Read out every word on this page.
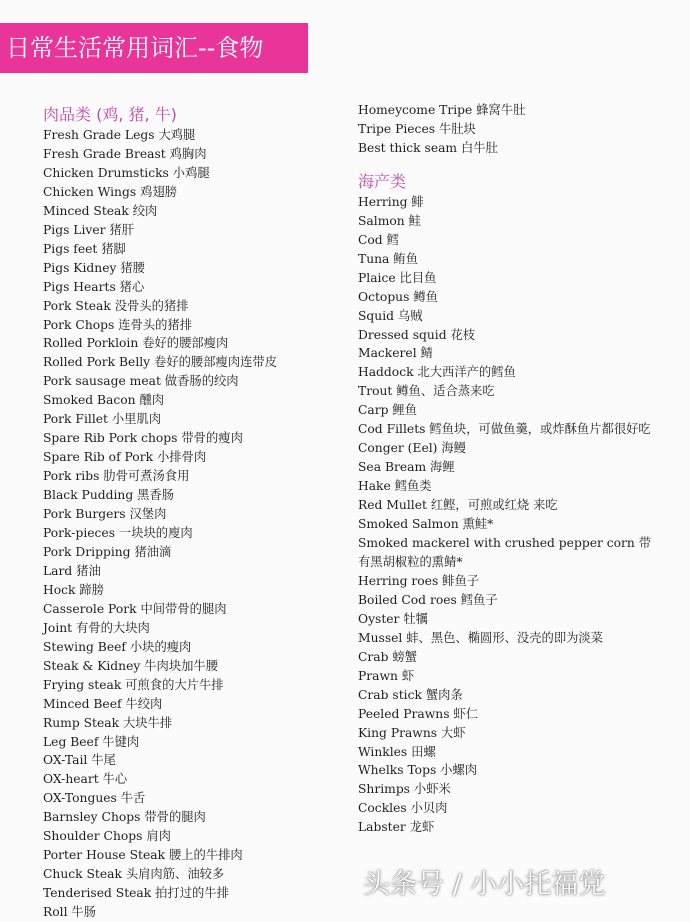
日常生活常用词汇--食物
肉品类 (鸡, 猪, 牛)
Fresh Grade Legs 大鸡腿
Fresh Grade Breast 鸡胸肉
Chicken Drumsticks 小鸡腿
Chicken Wings 鸡翅膀
Minced Steak 绞肉
Pigs Liver 猪肝
Pigs feet 猪脚
Pigs Kidney 猪腰
Pigs Hearts 猪心
Pork Steak 没骨头的猪排
Pork Chops 连骨头的猪排
Rolled Porkloin 卷好的腰部瘦肉
Rolled Pork Belly 卷好的腰部瘦肉连带皮
Pork sausage meat 做香肠的绞肉
Smoked Bacon 醺肉
Pork Fillet 小里肌肉
Spare Rib Pork chops 带骨的瘦肉
Spare Rib of Pork 小排骨肉
Pork ribs 肋骨可煮汤食用
Black Pudding 黑香肠
Pork Burgers 汉堡肉
Pork-pieces 一块块的廋肉
Pork Dripping 猪油滴
Lard 猪油
Hock 蹄膀
Casserole Pork 中间带骨的腿肉
Joint 有骨的大块肉
Stewing Beef 小块的瘦肉
Steak & Kidney 牛肉块加牛腰
Frying steak 可煎食的大片牛排
Minced Beef 牛绞肉
Rump Steak 大块牛排
Leg Beef 牛键肉
OX-Tail 牛尾
OX-heart 牛心
OX-Tongues 牛舌
Barnsley Chops 带骨的腿肉
Shoulder Chops 肩肉
Porter House Steak 腰上的牛排肉
Chuck Steak 头肩肉筋、油较多
Tenderised Steak 拍打过的牛排
Roll 牛肠
Homeycome Tripe 蜂窝牛肚
Tripe Pieces 牛肚块
Best thick seam 白牛肚
海产类
Herring 鲱
Salmon 鲑
Cod 鳕
Tuna 鲔鱼
Plaice 比目鱼
Octopus 鳟鱼
Squid 乌贼
Dressed squid 花枝
Mackerel 鲭
Haddock 北大西洋产的鳕鱼
Trout 鳟鱼、适合蒸来吃
Carp 鲤鱼
Cod Fillets 鳕鱼块，可做鱼羹，或炸酥鱼片都很好吃
Conger (Eel) 海鳗
Sea Bream 海鲤
Hake 鳕鱼类
Red Mullet 红鲣，可煎或红烧 来吃
Smoked Salmon 熏鲑*
Smoked mackerel with crushed pepper corn 带有黑胡椒粒的熏鲭*
Herring roes 鲱鱼子
Boiled Cod roes 鳕鱼子
Oyster 牡犡
Mussel 蚌、黑色、椭圆形、没壳的即为淡菜
Crab 螃蟹
Prawn 虾
Crab stick 蟹肉条
Peeled Prawns 虾仁
King Prawns 大虾
Winkles 田螺
Whelks Tops 小螺肉
Shrimps 小虾米
Cockles 小贝肉
Labster 龙虾
头条号 / 小小托福党
